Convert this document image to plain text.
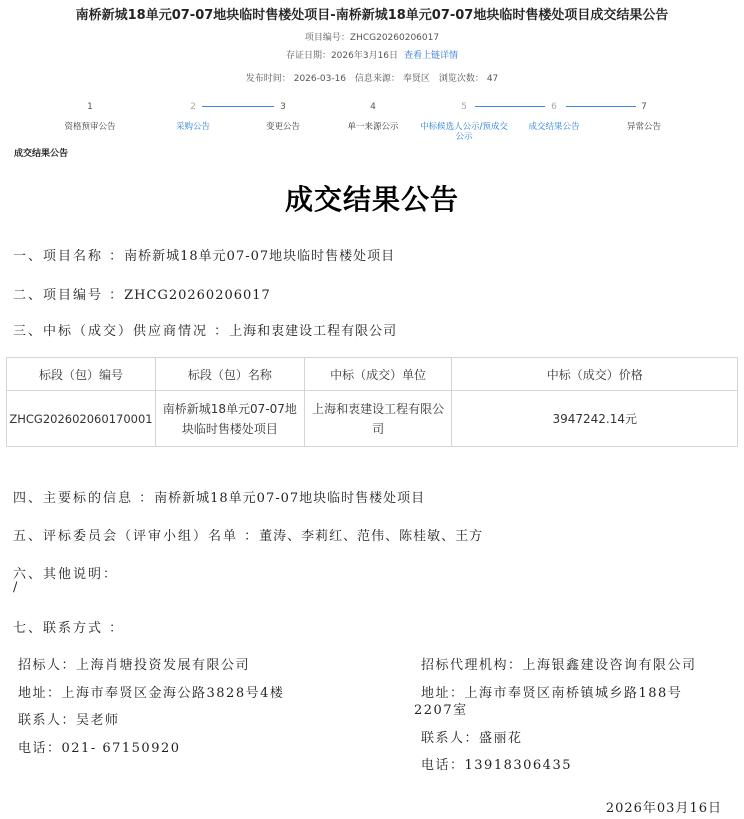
南桥新城18单元07-07地块临时售楼处项目-南桥新城18单元07-07地块临时售楼处项目成交结果公告
项目编号：ZHCG20260206017
存证日期：2026年3月16日 查看上链详情
发布时间： 2026-03-16 信息来源： 奉贤区 浏览次数： 47
1
资格预审公告
2
采购公告
3
变更公告
4
单一来源公示
5
中标候选人公示/预成交公示
6
成交结果公告
7
异常公告
成交结果公告
成交结果公告
一、项目名称 ：南桥新城18单元07-07地块临时售楼处项目
二、项目编号 ：ZHCG20260206017
三、中标（成交）供应商情况 ：上海和衷建设工程有限公司
标段（包）编号	标段（包）名称	中标（成交）单位	中标（成交）价格
ZHCG202602060170001	南桥新城18单元07-07地块临时售楼处项目	上海和衷建设工程有限公司	3947242.14元
四、主要标的信息 ：南桥新城18单元07-07地块临时售楼处项目
五、评标委员会（评审小组）名单 ：董涛、李莉红、范伟、陈桂敏、王方
六、其他说明：
/
七、联系方式 ：
招标人：上海肖塘投资发展有限公司
地址：上海市奉贤区金海公路3828号4楼
联系人：吴老师
电话：021- 67150920
招标代理机构：上海银鑫建设咨询有限公司
地址：上海市奉贤区南桥镇城乡路188号
2207室
联系人：盛丽花
电话：13918306435
2026年03月16日
